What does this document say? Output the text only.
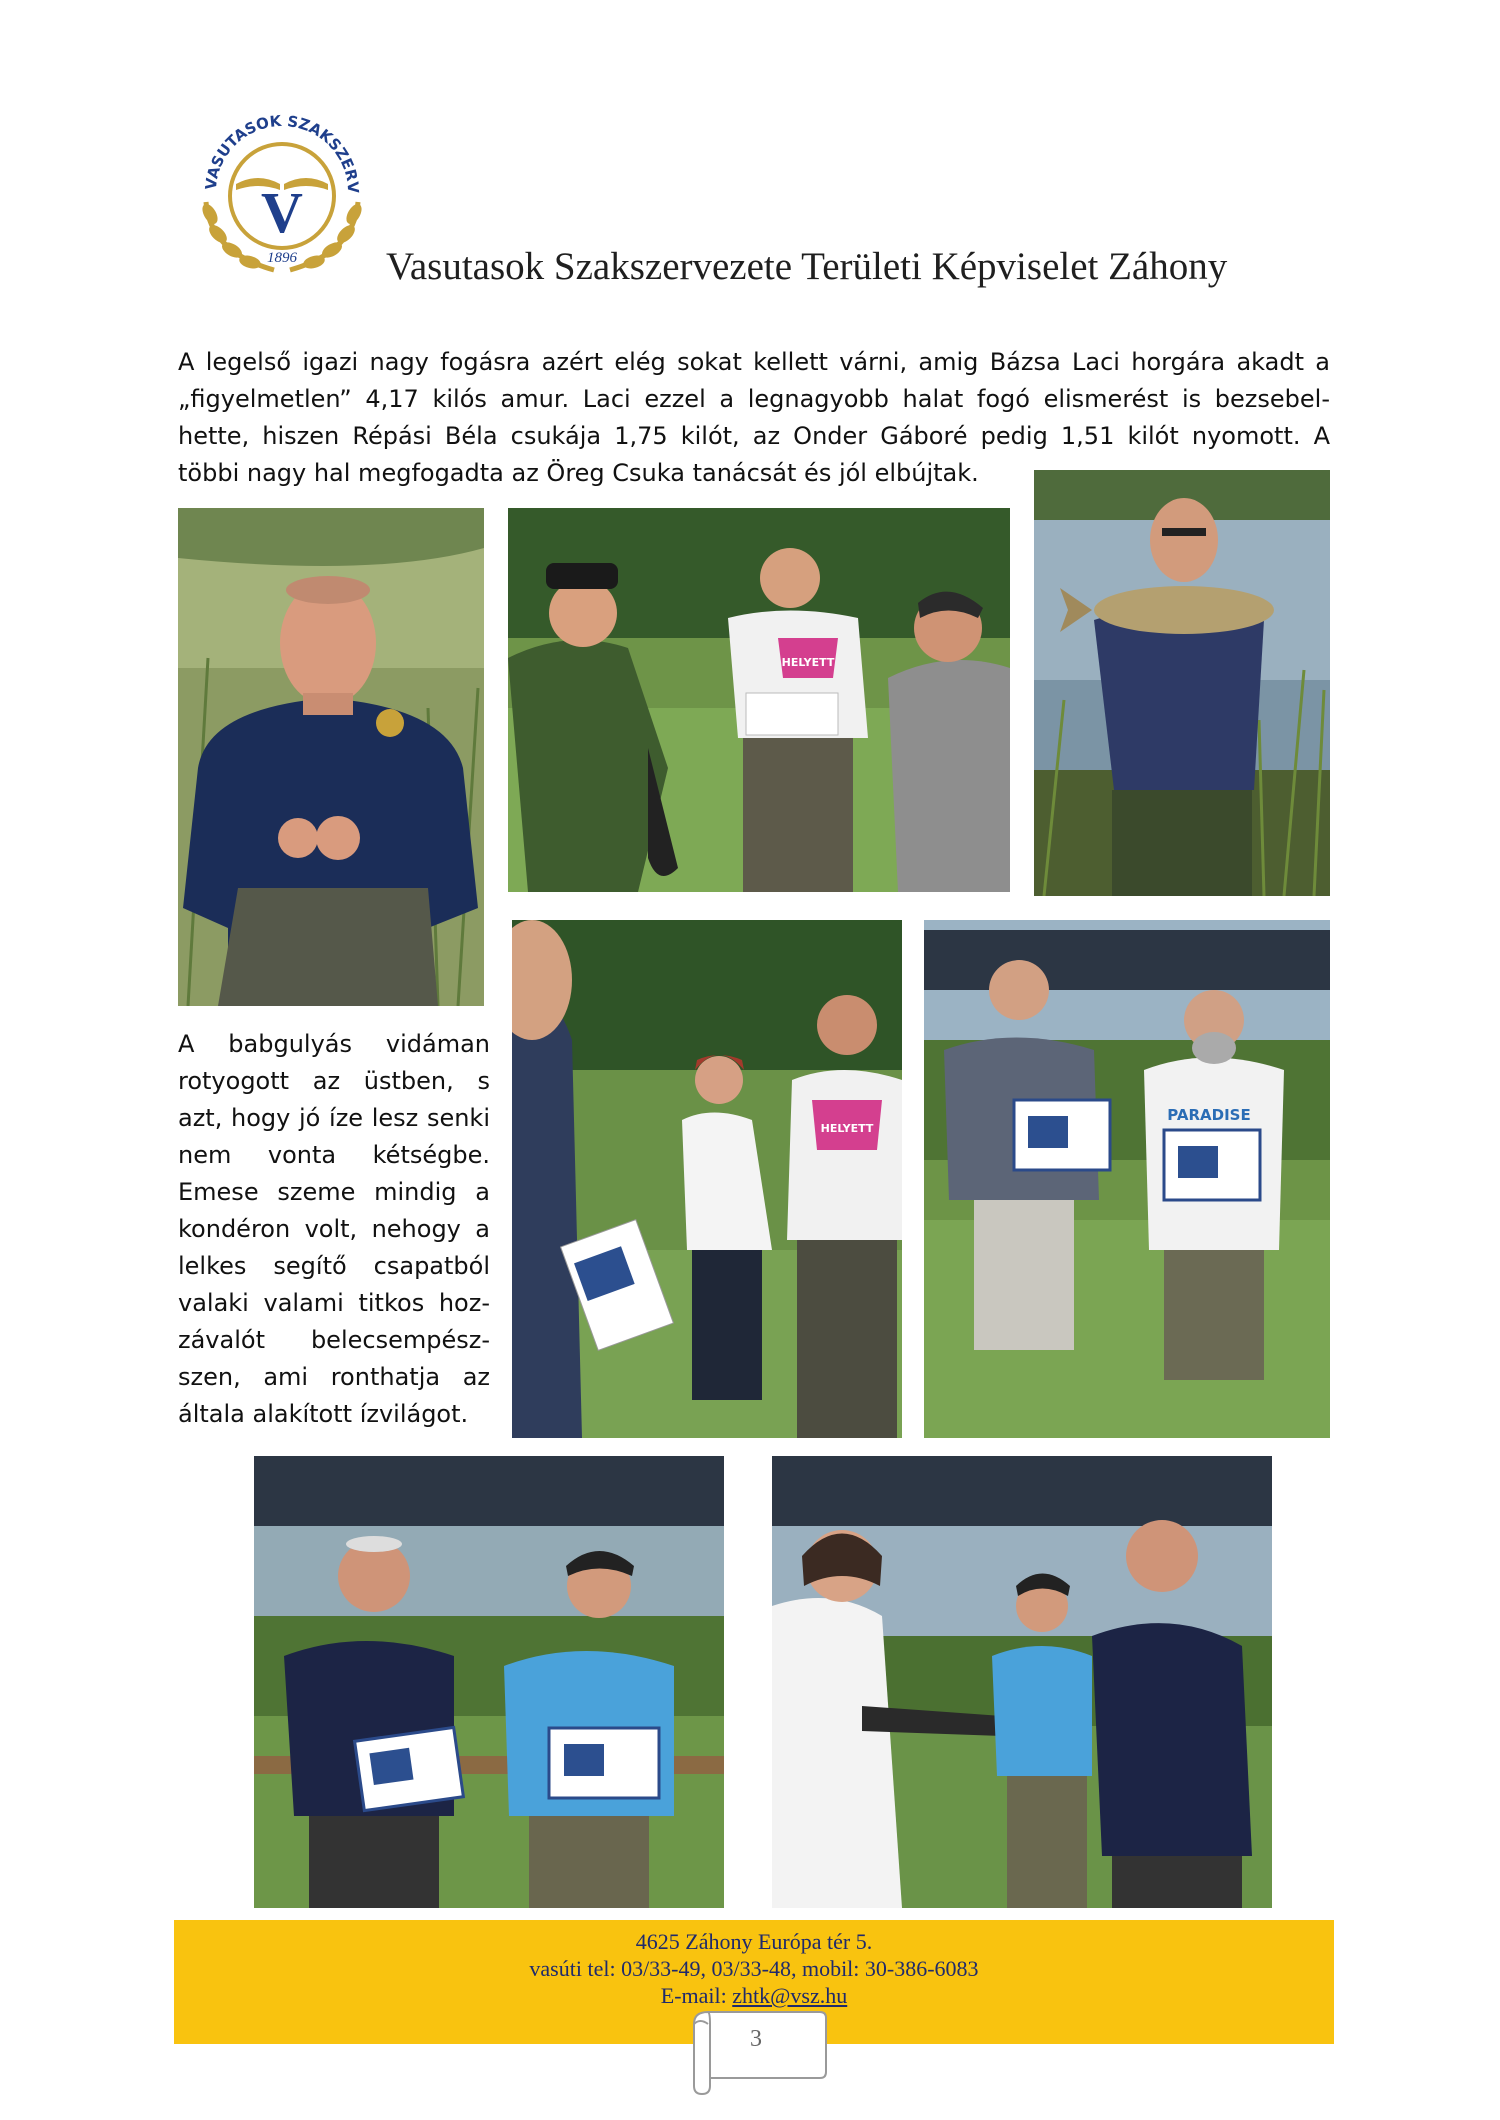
VASUTASOK SZAKSZERV
V
1896 Vasutasok Szakszervezete Területi Képviselet Záhony
A legelső igazi nagy fogásra azért elég sokat kellett várni, amig Bázsa Laci horgára akadt a
„figyelmetlen” 4,17 kilós amur. Laci ezzel a legnagyobb halat fogó elismerést is bezsebel-
hette, hiszen Répási Béla csukája 1,75 kilót, az Onder Gáboré pedig 1,51 kilót nyomott. A
többi nagy hal megfogadta az Öreg Csuka tanácsát és jól elbújtak.
HELYETT
A babgulyás vidáman
rotyogott az üstben, s
azt, hogy jó íze lesz senki
nem vonta kétségbe.
Emese szeme mindig a
kondéron volt, nehogy a
lelkes segítő csapatból
valaki valami titkos hoz-
závalót belecsempész-
szen, ami ronthatja az
általa alakított ízvilágot.
HELYETT
PARADISE
4625 Záhony Európa tér 5.
vasúti tel: 03/33-49, 03/33-48, mobil: 30-386-6083
E-mail: zhtk@vsz.hu
3
